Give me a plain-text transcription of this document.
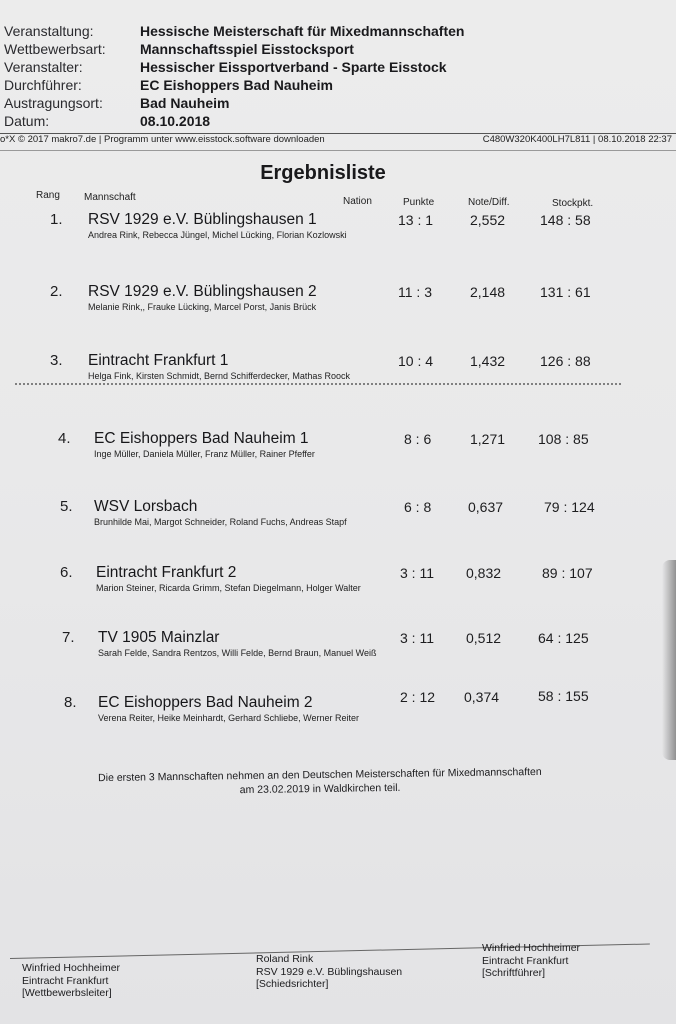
Veranstaltung:	Hessische Meisterschaft für Mixedmannschaften
Wettbewerbsart:	Mannschaftsspiel Eisstocksport
Veranstalter:	Hessischer Eissportverband - Sparte Eisstock
Durchführer:	EC Eishoppers Bad Nauheim
Austragungsort:	Bad Nauheim
Datum:	08.10.2018
o*X © 2017 makro7.de | Programm unter www.eisstock.software downloaden	C480W320K400LH7L811 | 08.10.2018 22:37
Ergebnisliste
Rang Mannschaft	Nation	Punkte	Note/Diff.	Stockpkt.
1. RSV 1929 e.V. Büblingshausen 1
Andrea Rink, Rebecca Jüngel, Michel Lücking, Florian Kozlowski
13 : 1	2,552 148 : 58
2. RSV 1929 e.V. Büblingshausen 2
Melanie Rink,, Frauke Lücking, Marcel Porst, Janis Brück
11 : 3	2,148 131 : 61
3. Eintracht Frankfurt 1
Helga Fink, Kirsten Schmidt, Bernd Schifferdecker, Mathas Roock
10 : 4	1,432 126 : 88
4. EC Eishoppers Bad Nauheim 1
Inge Müller, Daniela Müller, Franz Müller, Rainer Pfeffer
8 : 6	1,271 108 : 85
5. WSV Lorsbach
Brunhilde Mai, Margot Schneider, Roland Fuchs, Andreas Stapf
6 : 8	0,637	79 : 124
6. Eintracht Frankfurt 2
Marion Steiner, Ricarda Grimm, Stefan Diegelmann, Holger Walter
3 : 11 0,832	89 : 107
7. TV 1905 Mainzlar
Sarah Felde, Sandra Rentzos, Willi Felde, Bernd Braun, Manuel Weiß
3 : 11 0,512	64 : 125
8. EC Eishoppers Bad Nauheim 2
Verena Reiter, Heike Meinhardt, Gerhard Schliebe, Werner Reiter
2 : 12 0,374	58 : 155
Die ersten 3 Mannschaften nehmen an den Deutschen Meisterschaften für Mixedmannschaften
am 23.02.2019 in Waldkirchen teil.
Winfried Hochheimer
Eintracht Frankfurt
[Wettbewerbsleiter]
Roland Rink
RSV 1929 e.V. Büblingshausen
[Schiedsrichter]
Winfried Hochheimer
Eintracht Frankfurt
[Schriftführer]
